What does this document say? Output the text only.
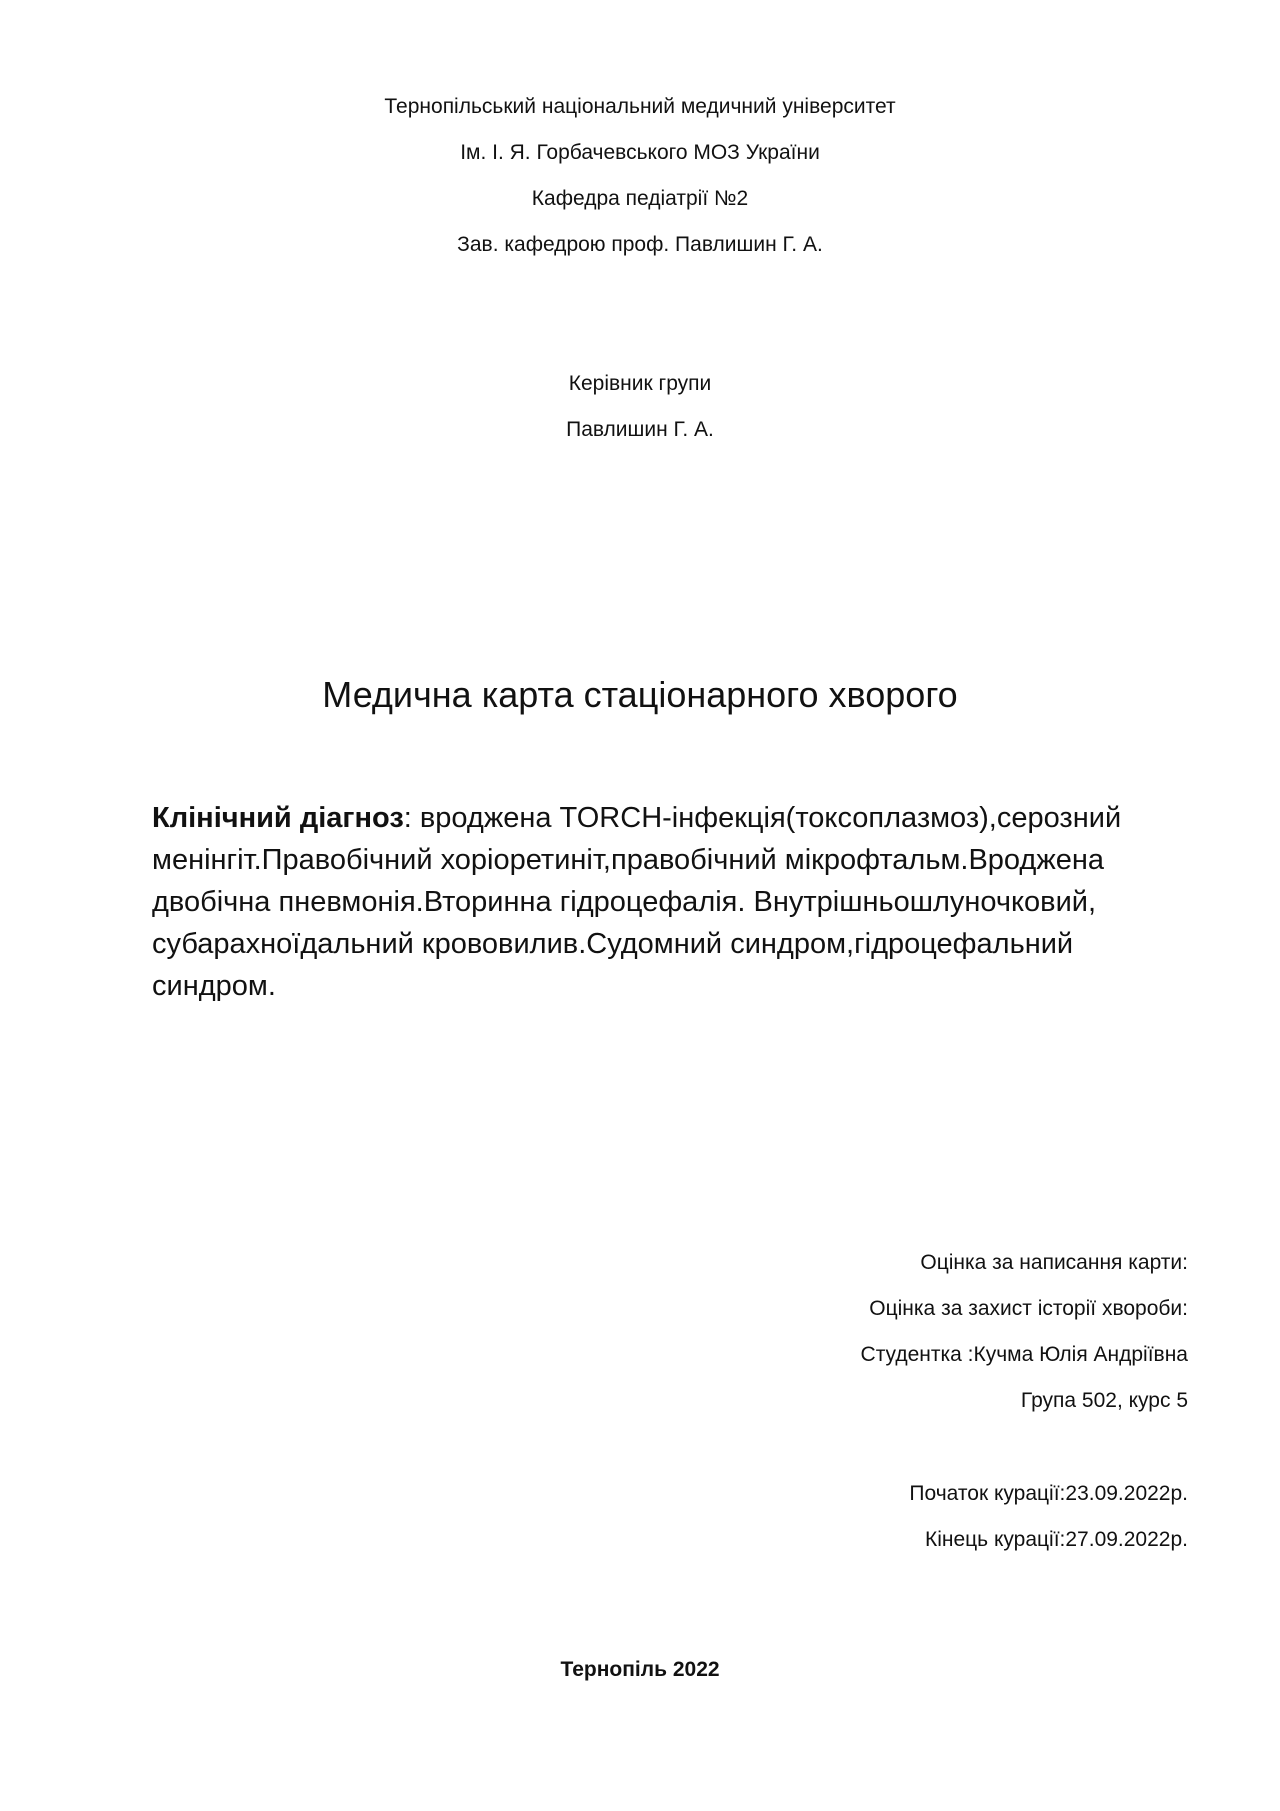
Тернопільський національний медичний університет
Ім. І. Я. Горбачевського МОЗ України
Кафедра педіатрії №2
Зав. кафедрою проф. Павлишин Г. А.
Керівник групи
Павлишин Г. А.
Медична карта стаціонарного хворого
Клінічний діагноз: вроджена TORCH-інфекція(токсоплазмоз),серозний менінгіт.Правобічний хоріоретиніт,правобічний мікрофтальм.Вроджена двобічна пневмонія.Вторинна гідроцефалія. Внутрішньошлуночковий, субарахноїдальний крововилив.Судомний синдром,гідроцефальний синдром.
Оцінка за написання карти:
Оцінка за захист історії хвороби:
Студентка :Кучма Юлія Андріївна
Група 502, курс 5
Початок курації:23.09.2022р.
Кінець курації:27.09.2022р.
Тернопіль 2022
